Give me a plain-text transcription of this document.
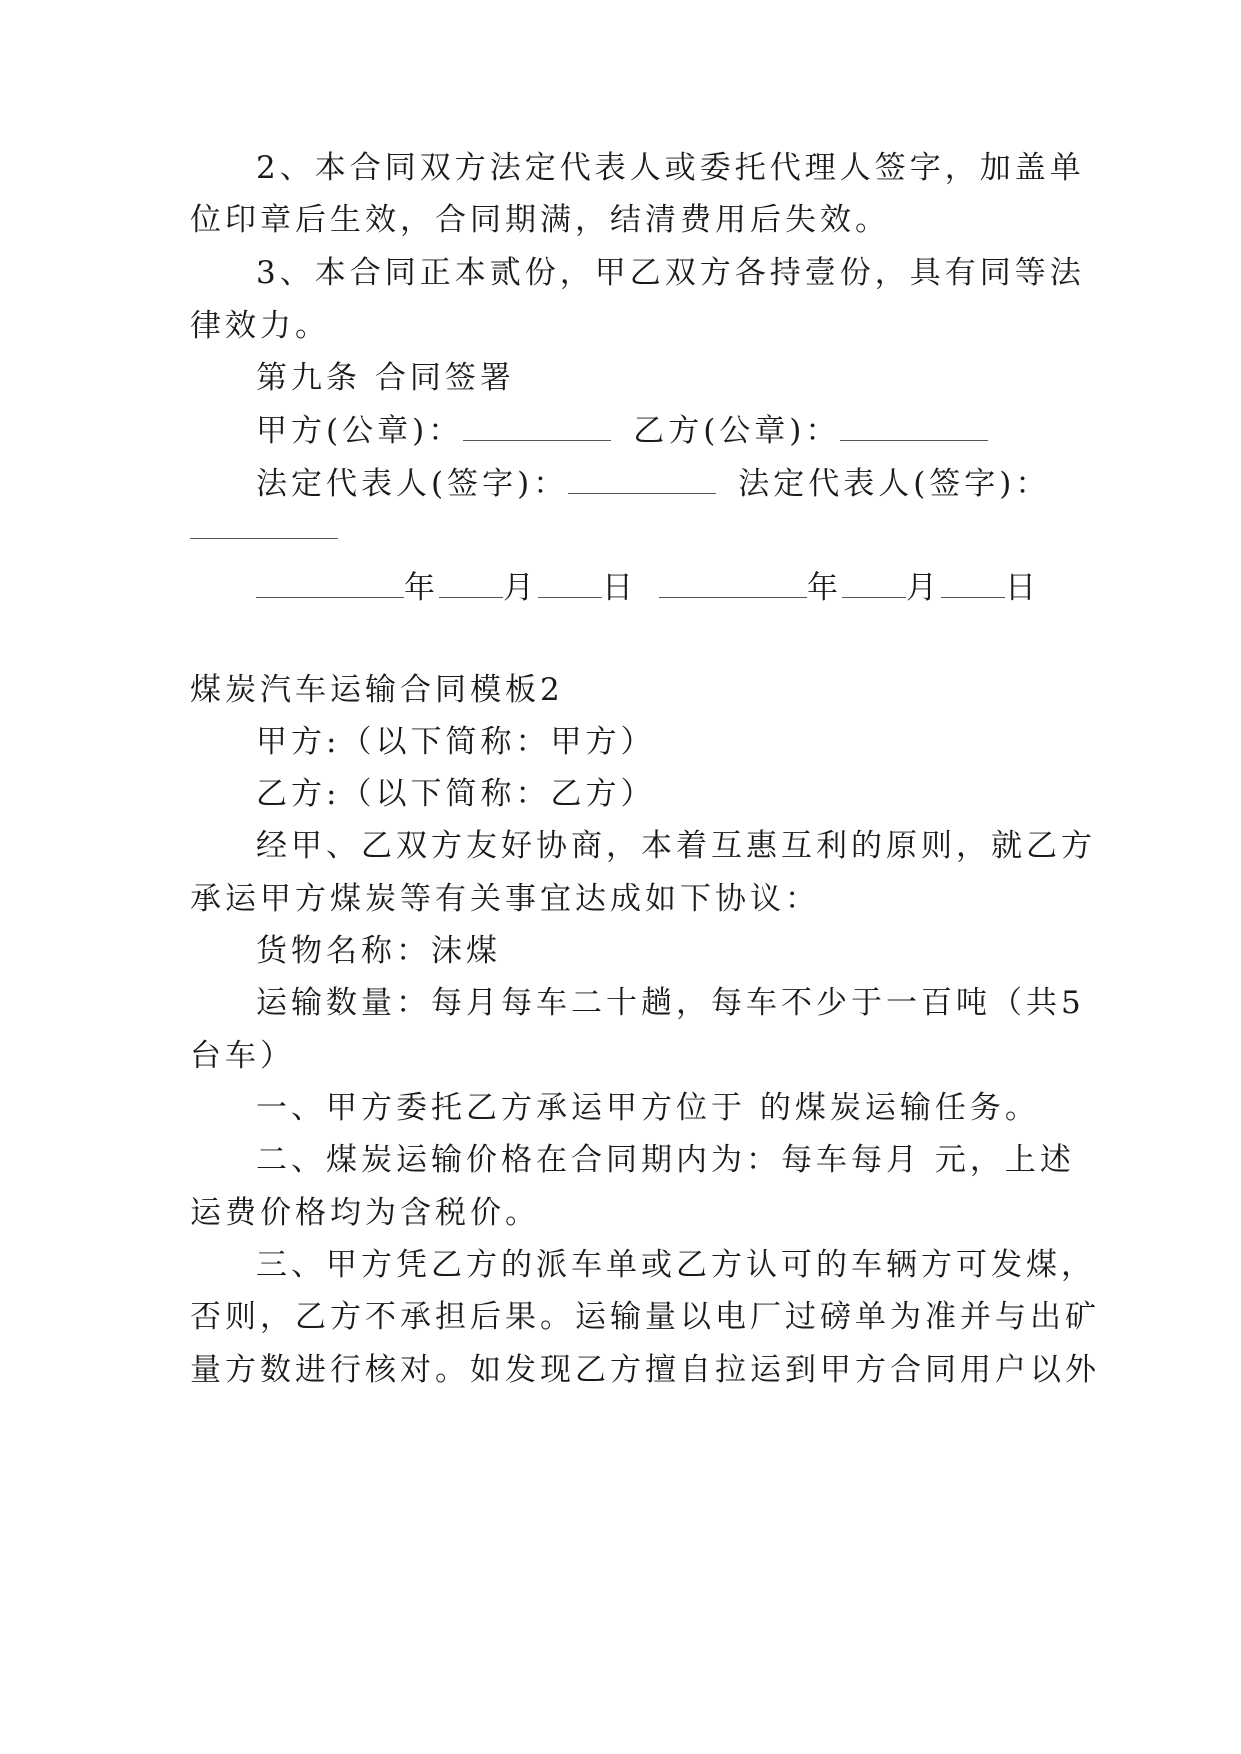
2、本合同双方法定代表人或委托代理人签字，加盖单
位印章后生效，合同期满，结清费用后失效。
3、本合同正本贰份，甲乙双方各持壹份，具有同等法
律效力。
第九条 合同签署
甲方(公章)：	乙方(公章)：
法定代表人(签字)：	法定代表人(签字)：
年 月 日	年 月 日
煤炭汽车运输合同模板2
甲方:（以下简称：甲方）
乙方:（以下简称：乙方）
经甲、乙双方友好协商，本着互惠互利的原则，就乙方
承运甲方煤炭等有关事宜达成如下协议：
货物名称：沫煤
运输数量：每月每车二十趟，每车不少于一百吨（共5
台车）
一、甲方委托乙方承运甲方位于 的煤炭运输任务。
二、煤炭运输价格在合同期内为：每车每月 元，上述
运费价格均为含税价。
三、甲方凭乙方的派车单或乙方认可的车辆方可发煤，
否则，乙方不承担后果。运输量以电厂过磅单为准并与出矿
量方数进行核对。如发现乙方擅自拉运到甲方合同用户以外
